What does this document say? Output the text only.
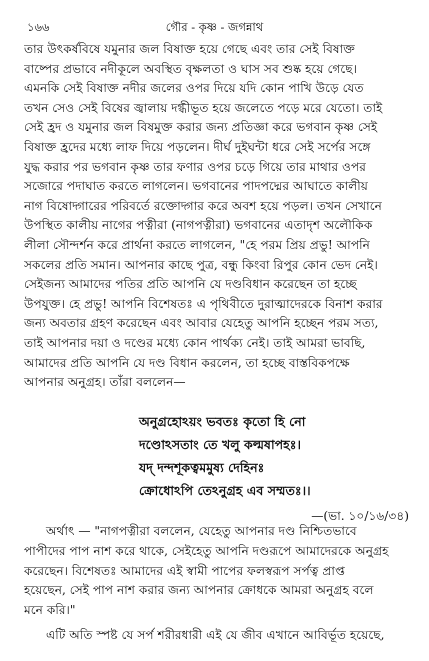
১৬৬	গৌর - কৃষ্ণ - জগন্নাথ
তার উৎকর্ষবিষে যমুনার জল বিষাক্ত হয়ে গেছে এবং তার সেই বিষাক্ত
বাষ্পের প্রভাবে নদীকূলে অবস্থিত বৃক্ষলতা ও ঘাস সব শুষ্ক হয়ে গেছে।
এমনকি সেই বিষাক্ত নদীর জলের ওপর দিয়ে যদি কোন পাখি উড়ে যেত
তখন সেও সেই বিষের জ্বালায় দগ্ধীভূত হয়ে জলেতে পড়ে মরে যেতো। তাই
সেই হ্রদ ও যমুনার জল বিষমুক্ত করার জন্য প্রতিজ্ঞা করে ভগবান কৃষ্ণ সেই
বিষাক্ত হ্রদের মধ্যে লাফ দিয়ে পড়লেন। দীর্ঘ দুইঘন্টা ধরে সেই সর্পের সঙ্গে
যুদ্ধ করার পর ভগবান কৃষ্ণ তার ফণার ওপর চড়ে গিয়ে তার মাথার ওপর
সজোরে পদাঘাত করতে লাগলেন। ভগবানের পাদপদ্মের আঘাতে কালীয়
নাগ বিষোদ্গারের পরিবর্তে রক্তোদ্গার করে অবশ হয়ে পড়ল। তখন সেখানে
উপস্থিত কালীয় নাগের পত্নীরা (নাগপত্নীরা) ভগবানের এতাদৃশ অলৌকিক
লীলা সৌন্দর্শন করে প্রার্থনা করতে লাগলেন, "হে পরম প্রিয় প্রভু! আপনি
সকলের প্রতি সমান। আপনার কাছে পুত্র, বন্ধু কিংবা রিপুর কোন ভেদ নেই।
সেইজন্য আমাদের পতির প্রতি আপনি যে দণ্ডবিধান করেছেন তা হচ্ছে
উপযুক্ত। হে প্রভু! আপনি বিশেষতঃ এ পৃথিবীতে দুরাত্মাদেরকে বিনাশ করার
জন্য অবতার গ্রহণ করেছেন এবং আবার যেহেতু আপনি হচ্ছেন পরম সত্য,
তাই আপনার দয়া ও দণ্ডের মধ্যে কোন পার্থক্য নেই। তাই আমরা ভাবছি,
আমাদের প্রতি আপনি যে দণ্ড বিধান করলেন, তা হচ্ছে বাস্তবিকপক্ষে
আপনার অনুগ্রহ। তাঁরা বললেন—
অনুগ্রহোঽয়ং ভবতঃ কৃতো হি নো
দণ্ডোঽসতাং তে খলু কল্মষাপহঃ।
যদ্ দন্দশূকত্বমমুষ্য দেহিনঃ
ক্রোধোঽপি তেঽনুগ্রহ এব সম্মতঃ।।
—(ভা. ১০/১৬/৩৪)
অর্থাৎ — "নাগপত্নীরা বললেন, যেহেতু আপনার দণ্ড নিশ্চিতভাবে
পাপীদের পাপ নাশ করে থাকে, সেইহেতু আপনি দণ্ডরূপে আমাদেরকে অনুগ্রহ
করেছেন। বিশেষতঃ আমাদের এই স্বামী পাপের ফলস্বরূপ সর্পত্ব প্রাপ্ত
হয়েছেন, সেই পাপ নাশ করার জন্য আপনার ক্রোধকে আমরা অনুগ্রহ বলে
মনে করি।"
এটি অতি স্পষ্ট যে সর্প শরীরধারী এই যে জীব এখানে আবির্ভূত হয়েছে,
